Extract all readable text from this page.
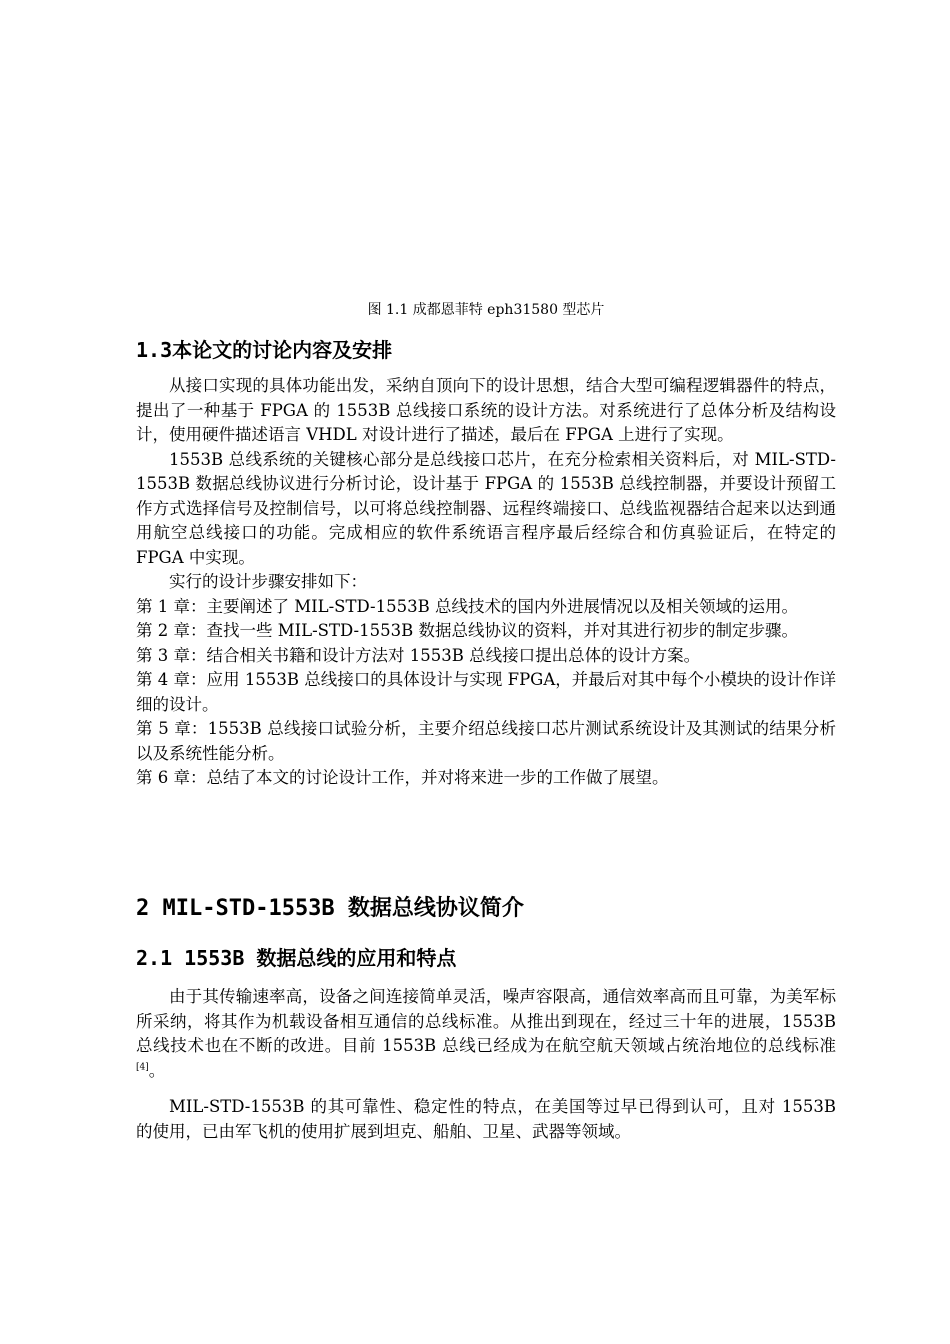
图 1.1 成都恩菲特 eph31580 型芯片
1.3本论文的讨论内容及安排

从接口实现的具体功能出发，采纳自顶向下的设计思想，结合大型可编程逻辑器件的特点，提出了一种基于 FPGA 的 1553B 总线接口系统的设计方法。对系统进行了总体分析及结构设计，使用硬件描述语言 VHDL 对设计进行了描述，最后在 FPGA 上进行了实现。

1553B 总线系统的关键核心部分是总线接口芯片，在充分检索相关资料后，对 MIL-STD-1553B 数据总线协议进行分析讨论，设计基于 FPGA 的 1553B 总线控制器，并要设计预留工作方式选择信号及控制信号，以可将总线控制器、远程终端接口、总线监视器结合起来以达到通用航空总线接口的功能。完成相应的软件系统语言程序最后经综合和仿真验证后，在特定的 FPGA 中实现。

实行的设计步骤安排如下：

第 1 章：主要阐述了 MIL-STD-1553B 总线技术的国内外进展情况以及相关领域的运用。

第 2 章：查找一些 MIL-STD-1553B 数据总线协议的资料，并对其进行初步的制定步骤。

第 3 章：结合相关书籍和设计方法对 1553B 总线接口提出总体的设计方案。

第 4 章：应用 1553B 总线接口的具体设计与实现 FPGA，并最后对其中每个小模块的设计作详细的设计。

第 5 章：1553B 总线接口试验分析，主要介绍总线接口芯片测试系统设计及其测试的结果分析以及系统性能分析。

第 6 章：总结了本文的讨论设计工作，并对将来进一步的工作做了展望。

2 MIL-STD-1553B 数据总线协议简介
2.1 1553B 数据总线的应用和特点

由于其传输速率高，设备之间连接简单灵活，噪声容限高，通信效率高而且可靠，为美军标所采纳，将其作为机载设备相互通信的总线标准。从推出到现在，经过三十年的进展，1553B 总线技术也在不断的改进。目前 1553B 总线已经成为在航空航天领域占统治地位的总线标准[4]。

MIL-STD-1553B 的其可靠性、稳定性的特点，在美国等过早已得到认可，且对 1553B 的使用，已由军飞机的使用扩展到坦克、船舶、卫星、武器等领域。
